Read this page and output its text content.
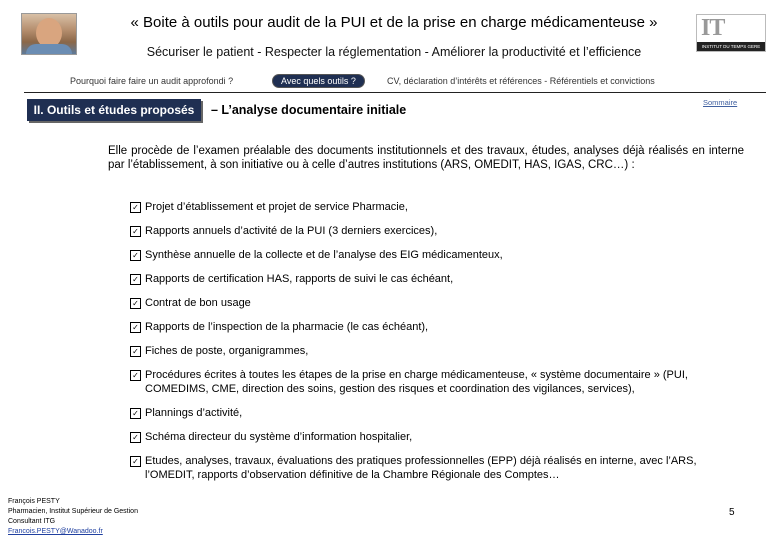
« Boite à outils pour audit de la PUI et de la prise en charge médicamenteuse »
Sécuriser le patient - Respecter la réglementation - Améliorer la productivité et l’efficience
IT
INSTITUT DU TEMPS GERE
Pourquoi faire faire un audit approfondi ?	Avec quels outils ?	CV, déclaration d’intérêts et références - Référentiels et convictions
II. Outils et études proposés	– L’analyse documentaire initiale
Sommaire
Elle procède de l’examen préalable des documents institutionnels et des travaux, études, analyses déjà réalisés en interne par l’établissement, à son initiative ou à celle d’autres institutions (ARS, OMEDIT, HAS, IGAS, CRC…) :
✓ Projet d’établissement et projet de service Pharmacie,
✓ Rapports annuels d’activité de la PUI (3 derniers exercices),
✓ Synthèse annuelle de la collecte et de l’analyse des EIG médicamenteux,
✓ Rapports de certification HAS, rapports de suivi le cas échéant,
✓ Contrat de bon usage
✓ Rapports de l’inspection de la pharmacie (le cas échéant),
✓ Fiches de poste, organigrammes,
✓ Procédures écrites à toutes les étapes de la prise en charge médicamenteuse, « système documentaire » (PUI, COMEDIMS, CME, direction des soins, gestion des risques et coordination des vigilances, services),
✓ Plannings d’activité,
✓ Schéma directeur du système d’information hospitalier,
✓ Etudes, analyses, travaux, évaluations des pratiques professionnelles (EPP) déjà réalisés en interne, avec l’ARS, l’OMEDIT, rapports d’observation définitive de la Chambre Régionale des Comptes…
François PESTY
Pharmacien, Institut Supérieur de Gestion
Consultant ITG
Francois.PESTY@Wanadoo.fr
5
